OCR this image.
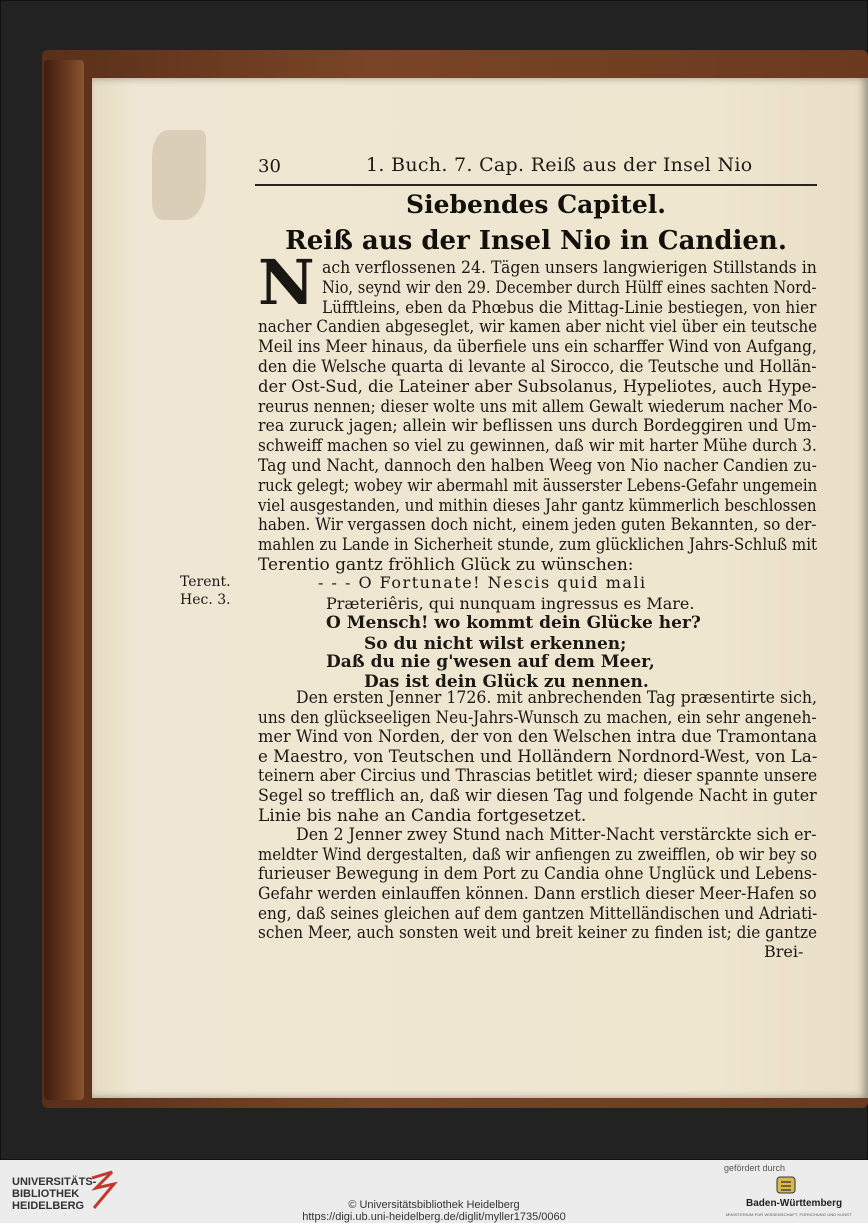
30	1. Buch. 7. Cap. Reiß aus der Insel Nio
Siebendes Capitel.
Reiß aus der Insel Nio in Candien.
N ach verflossenen 24. Tägen unsers langwierigen Stillstands in
Nio, seynd wir den 29. December durch Hülff eines sachten Nord-
Lüfftleins, eben da Phœbus die Mittag-Linie bestiegen, von hier
nacher Candien abgeseglet, wir kamen aber nicht viel über ein teutsche
Meil ins Meer hinaus, da überfiele uns ein scharffer Wind von Aufgang,
den die Welsche quarta di levante al Sirocco, die Teutsche und Hollän-
der Ost-Sud, die Lateiner aber Subsolanus, Hypeliotes, auch Hype-
reurus nennen; dieser wolte uns mit allem Gewalt wiederum nacher Mo-
rea zuruck jagen; allein wir beflissen uns durch Bordeggiren und Um-
schweiff machen so viel zu gewinnen, daß wir mit harter Mühe durch 3.
Tag und Nacht, dannoch den halben Weeg von Nio nacher Candien zu-
ruck gelegt; wobey wir abermahl mit äusserster Lebens-Gefahr ungemein
viel ausgestanden, und mithin dieses Jahr gantz kümmerlich beschlossen
haben. Wir vergassen doch nicht, einem jeden guten Bekannten, so der-
mahlen zu Lande in Sicherheit stunde, zum glücklichen Jahrs-Schluß mit
Terentio gantz fröhlich Glück zu wünschen:
Terent.
Hec. 3.
- - - O Fortunate! Nescis quid mali
Præteriêris, qui nunquam ingressus es Mare.
O Mensch! wo kommt dein Glücke her?
So du nicht wilst erkennen;
Daß du nie g'wesen auf dem Meer,
Das ist dein Glück zu nennen.
Den ersten Jenner 1726. mit anbrechenden Tag præsentirte sich,
uns den glückseeligen Neu-Jahrs-Wunsch zu machen, ein sehr angeneh-
mer Wind von Norden, der von den Welschen intra due Tramontana
e Maestro, von Teutschen und Holländern Nordnord-West, von La-
teinern aber Circius und Thrascias betitlet wird; dieser spannte unsere
Segel so trefflich an, daß wir diesen Tag und folgende Nacht in guter
Linie bis nahe an Candia fortgesetzet.
Den 2 Jenner zwey Stund nach Mitter-Nacht verstärckte sich er-
meldter Wind dergestalten, daß wir anfiengen zu zweifflen, ob wir bey so
furieuser Bewegung in dem Port zu Candia ohne Unglück und Lebens-
Gefahr werden einlauffen können. Dann erstlich dieser Meer-Hafen so
eng, daß seines gleichen auf dem gantzen Mittelländischen und Adriati-
schen Meer, auch sonsten weit und breit keiner zu finden ist; die gantze
Brei-
UNIVERSITÄTS-
BIBLIOTHEK
HEIDELBERG	© Universitätsbibliothek Heidelberg
https://digi.ub.uni-heidelberg.de/diglit/myller1735/0060
gefördert durch
Baden-Württemberg
MINISTERIUM FÜR WISSENSCHAFT, FORSCHUNG UND KUNST
